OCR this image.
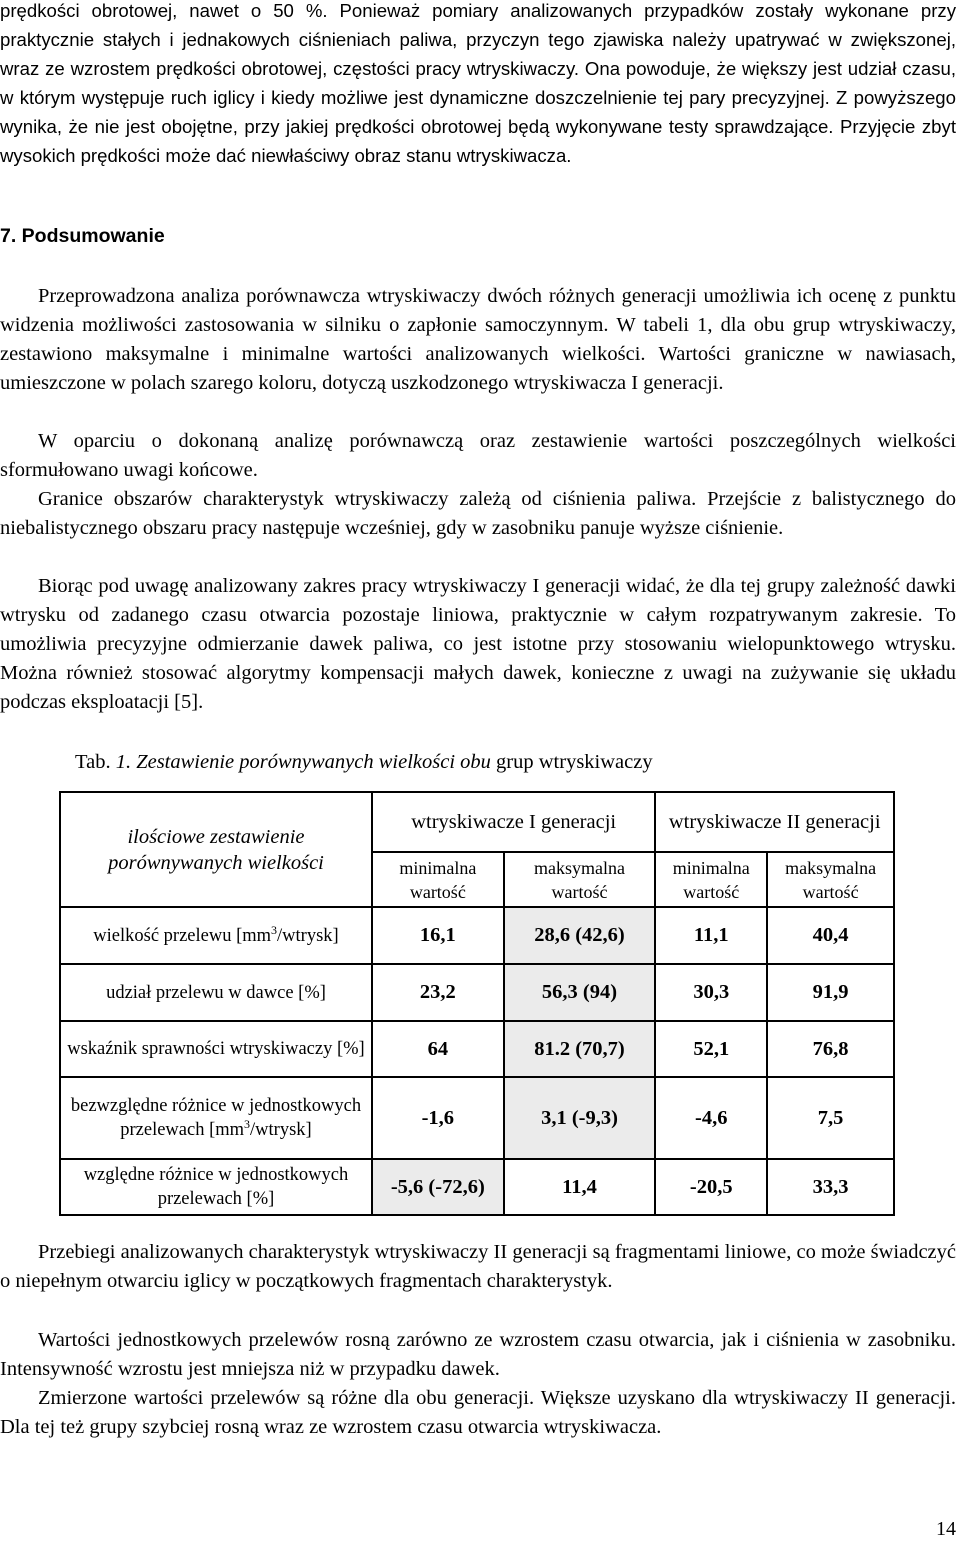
prędkości obrotowej, nawet o 50 %. Ponieważ pomiary analizowanych przypadków zostały wykonane przy praktycznie stałych i jednakowych ciśnieniach paliwa, przyczyn tego zjawiska należy upatrywać w zwiększonej, wraz ze wzrostem prędkości obrotowej, częstości pracy wtryskiwaczy. Ona powoduje, że większy jest udział czasu, w którym występuje ruch iglicy i kiedy możliwe jest dynamiczne doszczelnienie tej pary precyzyjnej. Z powyższego wynika, że nie jest obojętne, przy jakiej prędkości obrotowej będą wykonywane testy sprawdzające. Przyjęcie zbyt wysokich prędkości może dać niewłaściwy obraz stanu wtryskiwacza.

7. Podsumowanie

Przeprowadzona analiza porównawcza wtryskiwaczy dwóch różnych generacji umożliwia ich ocenę z punktu widzenia możliwości zastosowania w silniku o zapłonie samoczynnym. W tabeli 1, dla obu grup wtryskiwaczy, zestawiono maksymalne i minimalne wartości analizowanych wielkości. Wartości graniczne w nawiasach, umieszczone w polach szarego koloru, dotyczą uszkodzonego wtryskiwacza I generacji.

W oparciu o dokonaną analizę porównawczą oraz zestawienie wartości poszczególnych wielkości sformułowano uwagi końcowe.

Granice obszarów charakterystyk wtryskiwaczy zależą od ciśnienia paliwa. Przejście z balistycznego do niebalistycznego obszaru pracy następuje wcześniej, gdy w zasobniku panuje wyższe ciśnienie.

Biorąc pod uwagę analizowany zakres pracy wtryskiwaczy I generacji widać, że dla tej grupy zależność dawki wtrysku od zadanego czasu otwarcia pozostaje liniowa, praktycznie w całym rozpatrywanym zakresie. To umożliwia precyzyjne odmierzanie dawek paliwa, co jest istotne przy stosowaniu wielopunktowego wtrysku. Można również stosować algorytmy kompensacji małych dawek, konieczne z uwagi na zużywanie się układu podczas eksploatacji [5].

Tab. 1. Zestawienie porównywanych wielkości obu grup wtryskiwaczy
ilościowe zestawienie porównywanych wielkości	wtryskiwacze I generacji		wtryskiwacze II generacji	
	minimalna wartość	maksymalna wartość	minimalna wartość	maksymalna wartość
wielkość przelewu $[mm^3/wtrysk]$	16,1	28,6 (42,6)	11,1	40,4
udział przelewu w dawce [%]	23,2	56,3 (94)	30,3	91,9
wskaźnik sprawności wtryskiwaczy [%]	64	81.2 (70,7)	52,1	76,8
bezwzględne różnice w jednostkowych przelewach $[mm^3/wtrysk]$	-1,6	3,1 (-9,3)	-4,6	7,5
względne różnice w jednostkowych przelewach [%]	-5,6 (-72,6)	11,4	-20,5	33,3

Przebiegi analizowanych charakterystyk wtryskiwaczy II generacji są fragmentami liniowe, co może świadczyć o niepełnym otwarciu iglicy w początkowych fragmentach charakterystyk.

Wartości jednostkowych przelewów rosną zarówno ze wzrostem czasu otwarcia, jak i ciśnienia w zasobniku. Intensywność wzrostu jest mniejsza niż w przypadku dawek.

Zmierzone wartości przelewów są różne dla obu generacji. Większe uzyskano dla wtryskiwaczy II generacji. Dla tej też grupy szybciej rosną wraz ze wzrostem czasu otwarcia wtryskiwacza.

14
